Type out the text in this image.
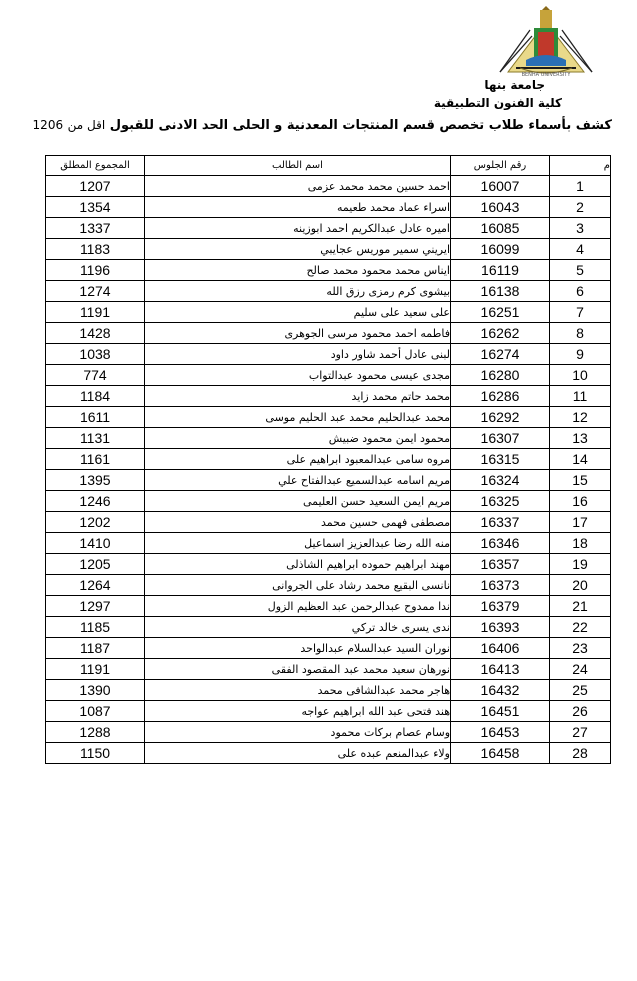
BENHA UNIVERSITY
جامعة بنها
كلية الفنون التطبيقية
كشف بأسماء طلاب تخصص قسم المنتجات المعدنية و الحلى الحد الادنى للقبول اقل من 1206
م	رقم الجلوس	اسم الطالب	المجموع المطلق
1	16007	احمد حسين محمد محمد عزمى	1207
2	16043	اسراء عماد محمد طعيمه	1354
3	16085	اميره عادل عبدالكريم احمد ابوزينه	1337
4	16099	ايريني سمير موريس عجايبي	1183
5	16119	ايناس محمد محمود محمد صالح	1196
6	16138	بيشوى كرم رمزى رزق الله	1274
7	16251	على سعيد على سليم	1191
8	16262	فاطمه احمد محمود مرسى الجوهرى	1428
9	16274	لبنى عادل أحمد شاور داود	1038
10	16280	مجدى عيسى محمود عبدالتواب	774
11	16286	محمد حاتم محمد زايد	1184
12	16292	محمد عبدالحليم محمد عبد الحليم موسى	1611
13	16307	محمود ايمن محمود ضبيش	1131
14	16315	مروه سامى عبدالمعبود ابراهيم على	1161
15	16324	مريم اسامه عبدالسميع عبدالفتاح علي	1395
16	16325	مريم ايمن السعيد حسن العليمى	1246
17	16337	مصطفى فهمى حسين محمد	1202
18	16346	منه الله رضا عبدالعزيز اسماعيل	1410
19	16357	مهند ابراهيم حموده ابراهيم الشاذلى	1205
20	16373	نانسى البقيع محمد رشاد على الجروانى	1264
21	16379	ندا ممدوح عبدالرحمن عبد العظيم الزول	1297
22	16393	ندى يسرى خالد تركي	1185
23	16406	نوران السيد عبدالسلام عبدالواحد	1187
24	16413	نورهان سعيد محمد عبد المقصود الفقى	1191
25	16432	هاجر محمد عبدالشافى محمد	1390
26	16451	هند فتحى عبد الله ابراهيم عواجه	1087
27	16453	وسام عصام بركات محمود	1288
28	16458	ولاء عبدالمنعم عبده على	1150
